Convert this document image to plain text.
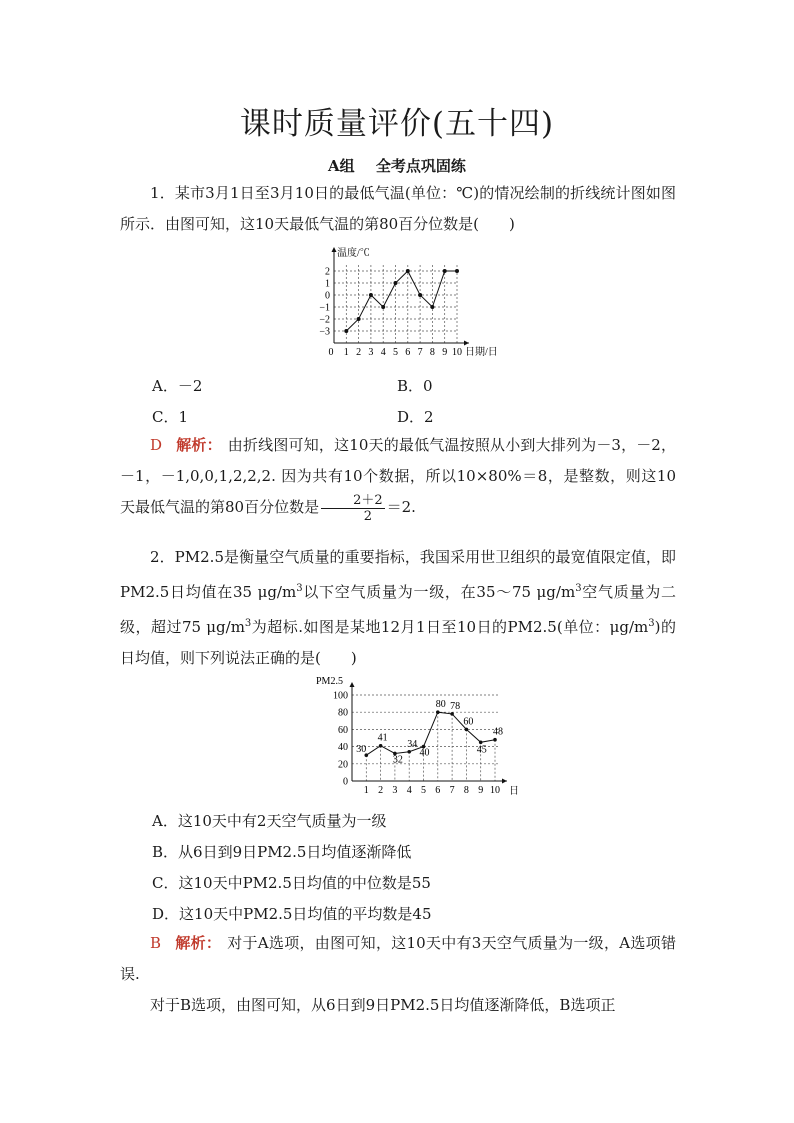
课时质量评价(五十四)
A组 全考点巩固练
1．某市3月1日至3月10日的最低气温(单位：℃)的情况绘制的折线统计图如图所示．由图可知，这10天最低气温的第80百分位数是(　　)
温度/℃
日期/日
2
1
0
−1
−2
−3
0 1 2 3 4 5 6 7 8 9 10
A．－2	B．0
C．1	D．2
D 解析： 由折线图可知，这10天的最低气温按照从小到大排列为－3，－2，－1，－1,0,0,1,2,2,2. 因为共有10个数据，所以10×80%＝8，是整数，则这10天最低气温的第80百分位数是 $\frac{2+2}{2} =2$.
2．PM2.5是衡量空气质量的重要指标，我国采用世卫组织的最宽值限定值，即PM2.5日均值在35 $\mu g/m^3$以下空气质量为一级，在35～75 $\mu g/m^3$空气质量为二级，超过75 $\mu g/m^3$为超标.如图是某地12月1日至10日的PM2.5(单位：$\mu g/m^3$)的日均值，则下列说法正确的是(　　)
PM2.5
日
100
80
60
40
20
0
1 2 3 4 5 6 7 8 9 10
30
41
32
34
40
80 78
60
45
48
A．这10天中有2天空气质量为一级
B．从6日到9日PM2.5日均值逐渐降低
C．这10天中PM2.5日均值的中位数是55
D．这10天中PM2.5日均值的平均数是45
B 解析： 对于A选项，由图可知，这10天中有3天空气质量为一级，A选项错误.
对于B选项，由图可知，从6日到9日PM2.5日均值逐渐降低，B选项正
